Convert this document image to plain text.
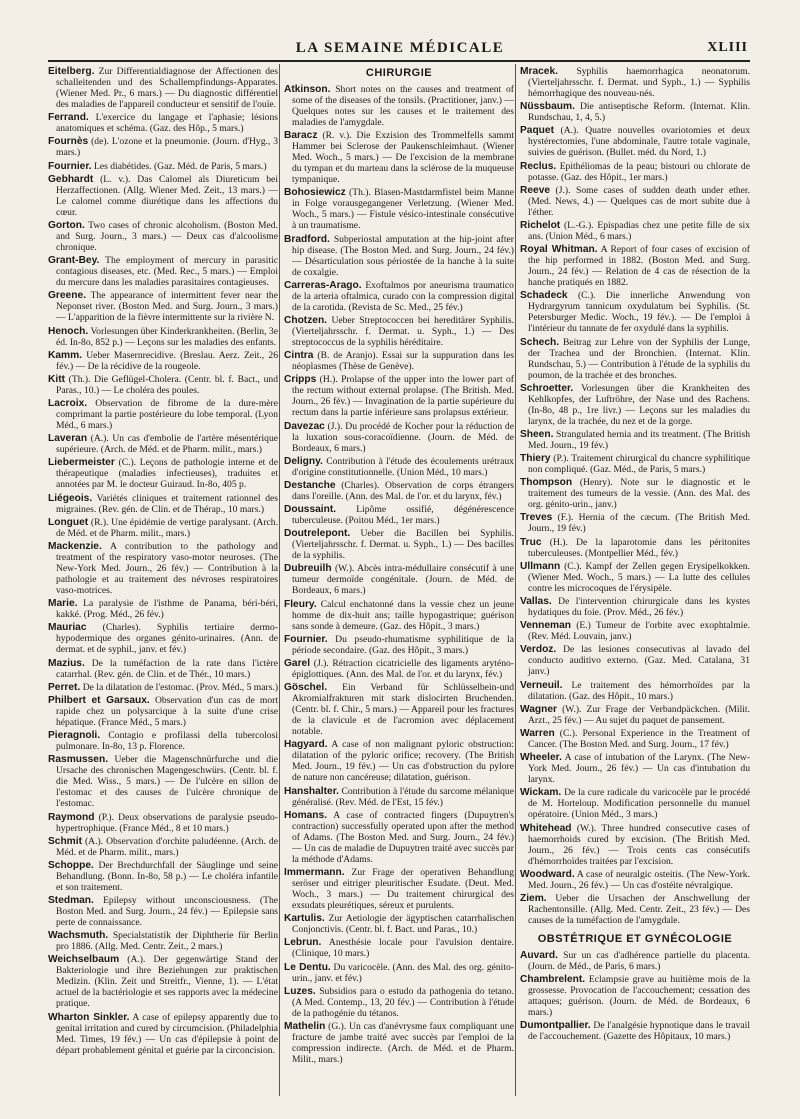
LA SEMAINE MÉDICALE	XLIII
Eitelberg. Zur Differentialdiagnose der Affectionen des schalleitenden und des Schallempfindungs-Apparates. (Wiener Med. Pr., 6 mars.) — Du diagnostic différentiel des maladies de l'appareil conducteur et sensitif de l'ouïe.
Ferrand. L'exercice du langage et l'aphasie; lésions anatomiques et schéma. (Gaz. des Hôp., 5 mars.)
Fournès (de). L'ozone et la pneumonie. (Journ. d'Hyg., 3 mars.)
Fournier. Les diabétides. (Gaz. Méd. de Paris, 5 mars.)
Gebhardt (L. v.). Das Calomel als Diureticum bei Herzaffectionen. (Allg. Wiener Med. Zeit., 13 mars.) — Le calomel comme diurétique dans les affections du cœur.
Gorton. Two cases of chronic alcoholism. (Boston Med. and Surg. Journ., 3 mars.) — Deux cas d'alcoolisme chronique.
Grant-Bey. The employment of mercury in parasitic contagious diseases, etc. (Med. Rec., 5 mars.) — Emploi du mercure dans les maladies parasitaires contagieuses.
Greene. The appearance of intermittent fever near the Neponset river. (Boston Med. and Surg. Journ., 3 mars.) — L'apparition de la fièvre intermittente sur la rivière N.
Henoch. Vorlesungen über Kinderkrankheiten. (Berlin, 3e éd. In-8o, 852 p.) — Leçons sur les maladies des enfants.
Kamm. Ueber Masernrecidive. (Breslau. Aerz. Zeit., 26 fév.) — De la récidive de la rougeole.
Kitt (Th.). Die Geflügel-Cholera. (Centr. bl. f. Bact., und Paras., 10.) — Le choléra des poules.
Lacroix. Observation de fibrome de la dure-mère comprimant la partie postérieure du lobe temporal. (Lyon Méd., 6 mars.)
Laveran (A.). Un cas d'embolie de l'artère mésentérique supérieure. (Arch. de Méd. et de Pharm. milit., mars.)
Liebermeister (C.). Leçons de pathologie interne et de thérapeutique (maladies infectieuses), traduites et annotées par M. le docteur Guiraud. In-8o, 405 p.
Liégeois. Variétés cliniques et traitement rationnel des migraines. (Rev. gén. de Clin. et de Thérap., 10 mars.)
Longuet (R.). Une épidémie de vertige paralysant. (Arch. de Méd. et de Pharm. milit., mars.)
Mackenzie. A contribution to the pathology and treatment of the respiratory vaso-motor neuroses. (The New-York Med. Journ., 26 fév.) — Contribution à la pathologie et au traitement des névroses respiratoires vaso-motrices.
Marie. La paralysie de l'isthme de Panama, béri-béri, kakké. (Prog. Méd., 26 fév.)
Mauriac (Charles). Syphilis tertiaire dermo-hypodermique des organes génito-urinaires. (Ann. de dermat. et de syphil., janv. et fév.)
Mazius. De la tuméfaction de la rate dans l'ictère catarrhal. (Rev. gén. de Clin. et de Thér., 10 mars.)
Perret. De la dilatation de l'estomac. (Prov. Méd., 5 mars.)
Philbert et Garsaux. Observation d'un cas de mort rapide chez un polysarcique à la suite d'une crise hépatique. (France Méd., 5 mars.)
Pieragnoli. Contagio e profilassi della tubercolosi pulmonare. In-8o, 13 p. Florence.
Rasmussen. Ueber die Magenschnürfurche und die Ursache des chronischen Magengeschwürs. (Centr. bl. f. die Med. Wiss., 5 mars.) — De l'ulcère en sillon de l'estomac et des causes de l'ulcère chronique de l'estomac.
Raymond (P.). Deux observations de paralysie pseudo-hypertrophique. (France Méd., 8 et 10 mars.)
Schmit (A.). Observation d'orchite paludéenne. (Arch. de Méd. et de Pharm. milit., mars.)
Schoppe. Der Brechdurchfall der Säuglinge und seine Behandlung. (Bonn. In-8o, 58 p.) — Le choléra infantile et son traitement.
Stedman. Epilepsy without unconsciousness. (The Boston Med. and Surg. Journ., 24 fév.) — Epilepsie sans perte de connaissance.
Wachsmuth. Specialstatistik der Diphtherie für Berlin pro 1886. (Allg. Med. Centr. Zeit., 2 mars.)
Weichselbaum (A.). Der gegenwärtige Stand der Bakteriologie und ihre Beziehungen zur praktischen Medizin. (Klin. Zeit und Streitfr., Vienne, 1). — L'état actuel de la bactériologie et ses rapports avec la médecine pratique.
Wharton Sinkler. A case of epilepsy apparently due to genital irritation and cured by circumcision. (Philadelphia Med. Times, 19 fév.) — Un cas d'épilepsie à point de départ probablement génital et guérie par la circoncision.
CHIRURGIE
Atkinson. Short notes on the causes and treatment of some of the diseases of the tonsils. (Practitioner, janv.) — Quelques notes sur les causes et le traitement des maladies de l'amygdale.
Baracz (R. v.). Die Exzision des Trommelfells sammt Hammer bei Sclerose der Paukenschleimhaut. (Wiener Med. Woch., 5 mars.) — De l'excision de la membrane du tympan et du marteau dans la sclérose de la muqueuse tympanique.
Bohosiewicz (Th.). Blasen-Mastdarmfistel beim Manne in Folge vorausgegangener Verletzung. (Wiener Med. Woch., 5 mars.) — Fistule vésico-intestinale consécutive à un traumatisme.
Bradford. Subperiostal amputation at the hip-joint after hip disease. (The Boston Med. and Surg. Journ., 24 fév.) — Désarticulation sous périostée de la hanche à la suite de coxalgie.
Carreras-Arago. Exoftalmos por aneurisma traumatico de la arteria oftalmica, curado con la compression digital de la carotida. (Revista de Sc. Med., 25 fév.)
Chotzen. Ueber Streptococcen bei hereditärer Syphilis. (Vierteljahrsschr. f. Dermat. u. Syph., 1.) — Des streptococcus de la syphilis héréditaire.
Cintra (B. de Aranjo). Essai sur la suppuration dans les néoplasmes (Thèse de Genève).
Cripps (H.). Prolapse of the upper into the lower part of the rectum without external prolapse. (The British. Med. Journ., 26 fév.) — Invagination de la partie supérieure du rectum dans la partie inférieure sans prolapsus extérieur.
Davezac (J.). Du procédé de Kocher pour la réduction de la luxation sous-coracoïdienne. (Journ. de Méd. de Bordeaux, 6 mars.)
Deligny. Contribution à l'étude des écoulements urétraux d'origine constitutionnelle. (Union Méd., 10 mars.)
Destanche (Charles). Observation de corps étrangers dans l'oreille. (Ann. des Mal. de l'or. et du larynx, fév.)
Doussaint. Lipôme ossifié, dégénérescence tuberculeuse. (Poitou Méd., 1er mars.)
Doutrelepont. Ueber die Bacillen bei Syphilis. (Vierteljahrsschr. f. Dermat. u. Syph., 1.) — Des bacilles de la syphilis.
Dubreuilh (W.). Abcès intra-médullaire consécutif à une tumeur dermoïde congénitale. (Journ. de Méd. de Bordeaux, 6 mars.)
Fleury. Calcul enchatonné dans la vessie chez un jeune homme de dix-huit ans; taille hypogastrique; guérison sans sonde à demeure. (Gaz. des Hôpit., 3 mars.)
Fournier. Du pseudo-rhumatisme syphilitique de la période secondaire. (Gaz. des Hôpit., 3 mars.)
Garel (J.). Rétraction cicatricielle des ligaments aryténo-épiglottiques. (Ann. des Mal. de l'or. et du larynx, fév.)
Göschel. Ein Verband für Schlüsselbein-und Akromialfrakturen mit stark dislocirten Bruchenden. (Centr. bl. f. Chir., 5 mars.) — Appareil pour les fractures de la clavicule et de l'acromion avec déplacement notable.
Hagyard. A case of non malignant pyloric obstruction: dilatation of the pyloric orifice; recovery. (The British Med. Journ., 19 fév.) — Un cas d'obstruction du pylore de nature non cancéreuse; dilatation, guérison.
Hanshalter. Contribution à l'étude du sarcome mélanique généralisé. (Rev. Méd. de l'Est, 15 fév.)
Homans. A case of contracted fingers (Dupuytren's contraction) successfully operated upon after the method of Adams. (The Boston Med. and Surg. Journ., 24 fév.) — Un cas de maladie de Dupuytren traité avec succès par la méthode d'Adams.
Immermann. Zur Frage der operativen Behandlung seröser und eitriger pleuritischer Esudate. (Deut. Med. Woch., 3 mars.) — Du traitement chirurgical des exsudats pleurétiques, séreux et purulents.
Kartulis. Zur Aetiologie der ägyptischen catarrhalischen Conjonctivis. (Centr. bl. f. Bact. und Paras., 10.)
Lebrun. Anesthésie locale pour l'avulsion dentaire. (Clinique, 10 mars.)
Le Dentu. Du varicocèle. (Ann. des Mal. des org. génito-urin., janv. et fév.)
Luzes. Subsidios para o estudo da pathogenia do tetano. (A Med. Contemp., 13, 20 fév.) — Contribution à l'étude de la pathogénie du tétanos.
Mathelin (G.). Un cas d'anévrysme faux compliquant une fracture de jambe traité avec succès par l'emploi de la compression indirecte. (Arch. de Méd. et de Pharm. Milit., mars.)
Mracek. Syphilis haemorrhagica neonatorum. (Vierteljahrsschr. f. Dermat. und Syph., 1.) — Syphilis hémorrhagique des nouveau-nés.
Nüssbaum. Die antiseptische Reform. (Internat. Klin. Rundschau, 1, 4, 5.)
Paquet (A.). Quatre nouvelles ovariotomies et deux hystérectomies, l'une abdominale, l'autre totale vaginale, suivies de guérison. (Bullet. méd. du Nord, 1.)
Reclus. Epithéliomas de la peau; bistouri ou chlorate de potasse. (Gaz. des Hôpit., 1er mars.)
Reeve (J.). Some cases of sudden death under ether. (Med. News, 4.) — Quelques cas de mort subite due à l'éther.
Richelot (L.-G.). Epispadias chez une petite fille de six ans. (Union Méd., 6 mars.)
Royal Whitman. A Report of four cases of excision of the hip performed in 1882. (Boston Med. and Surg. Journ., 24 fév.) — Relation de 4 cas de résection de la hanche pratiqués en 1882.
Schadeck (C.). Die innerliche Anwendung von Hydrargyrum tannicum oxydulatum bei Syphilis. (St. Petersburger Medic. Woch., 19 fév.). — De l'emploi à l'intérieur du tannate de fer oxydulé dans la syphilis.
Schech. Beitrag zur Lehre von der Syphilis der Lunge, der Trachea und der Bronchien. (Internat. Klin. Rundschau, 5.) — Contribution à l'étude de la syphilis du poumon, de la trachée et des bronches.
Schroetter. Vorlesungen über die Krankheiten des Kehlkopfes, der Luftröhre, der Nase und des Rachens. (In-8o, 48 p., 1re livr.) — Leçons sur les maladies du larynx, de la trachée, du nez et de la gorge.
Sheen. Strangulated hernia and its treatment. (The British Med. Journ., 19 fév.)
Thiery (P.). Traitement chirurgical du chancre syphilitique non compliqué. (Gaz. Méd., de Paris, 5 mars.)
Thompson (Henry). Note sur le diagnostic et le traitement des tumeurs de la vessie. (Ann. des Mal. des org. génito-urin., janv.)
Treves (F.). Hernia of the cæcum. (The British Med. Journ., 19 fév.)
Truc (H.). De la laparotomie dans les péritonites tuberculeuses. (Montpellier Méd., fév.)
Ullmann (C.). Kampf der Zellen gegen Erysipelkokken. (Wiener Med. Woch., 5 mars.) — La lutte des cellules contre les microcoques de l'érysipèle.
Vallas. De l'intervention chirurgicale dans les kystes hydatiques du foie. (Prov. Méd., 26 fév.)
Venneman (E.) Tumeur de l'orbite avec exophtalmie. (Rev. Méd. Louvain, janv.)
Verdoz. De las lesiones consecutivas al lavado del conducto auditivo externo. (Gaz. Med. Catalana, 31 janv.)
Verneuil. Le traitement des hémorrhoïdes par la dilatation. (Gaz. des Hôpit., 10 mars.)
Wagner (W.). Zur Frage der Verbandpäckchen. (Milit. Arzt., 25 fév.) — Au sujet du paquet de pansement.
Warren (C.). Personal Experience in the Treatment of Cancer. (The Boston Med. and Surg. Journ., 17 fév.)
Wheeler. A case of intubation of the Larynx. (The New-York Med. Journ., 26 fév.) — Un cas d'intubation du larynx.
Wickam. De la cure radicale du varicocèle par le procédé de M. Horteloup. Modification personnelle du manuel opératoire. (Union Méd., 3 mars.)
Whitehead (W.). Three hundred consecutive cases of haemorrhoids cured by excision. (The British Med. Journ., 26 fév.) — Trois cents cas consécutifs d'hémorrhoïdes traitées par l'excision.
Woodward. A case of neuralgic osteitis. (The New-York. Med. Journ., 26 fév.) — Un cas d'ostéite névralgique.
Ziem. Ueber die Ursachen der Anschwellung der Rachentonsille. (Allg. Med. Centr. Zeit., 23 fév.) — Des causes de la tuméfaction de l'amygdale.
OBSTÉTRIQUE ET GYNÉCOLOGIE
Auvard. Sur un cas d'adhérence partielle du placenta. (Journ. de Méd., de Paris, 6 mars.)
Chambrelent. Eclampsie grave au huitième mois de la grossesse. Provocation de l'accouchement; cessation des attaques; guérison. (Journ. de Méd. de Bordeaux, 6 mars.)
Dumontpallier. De l'analgésie hypnotique dans le travail de l'accouchement. (Gazette des Hôpitaux, 10 mars.)
